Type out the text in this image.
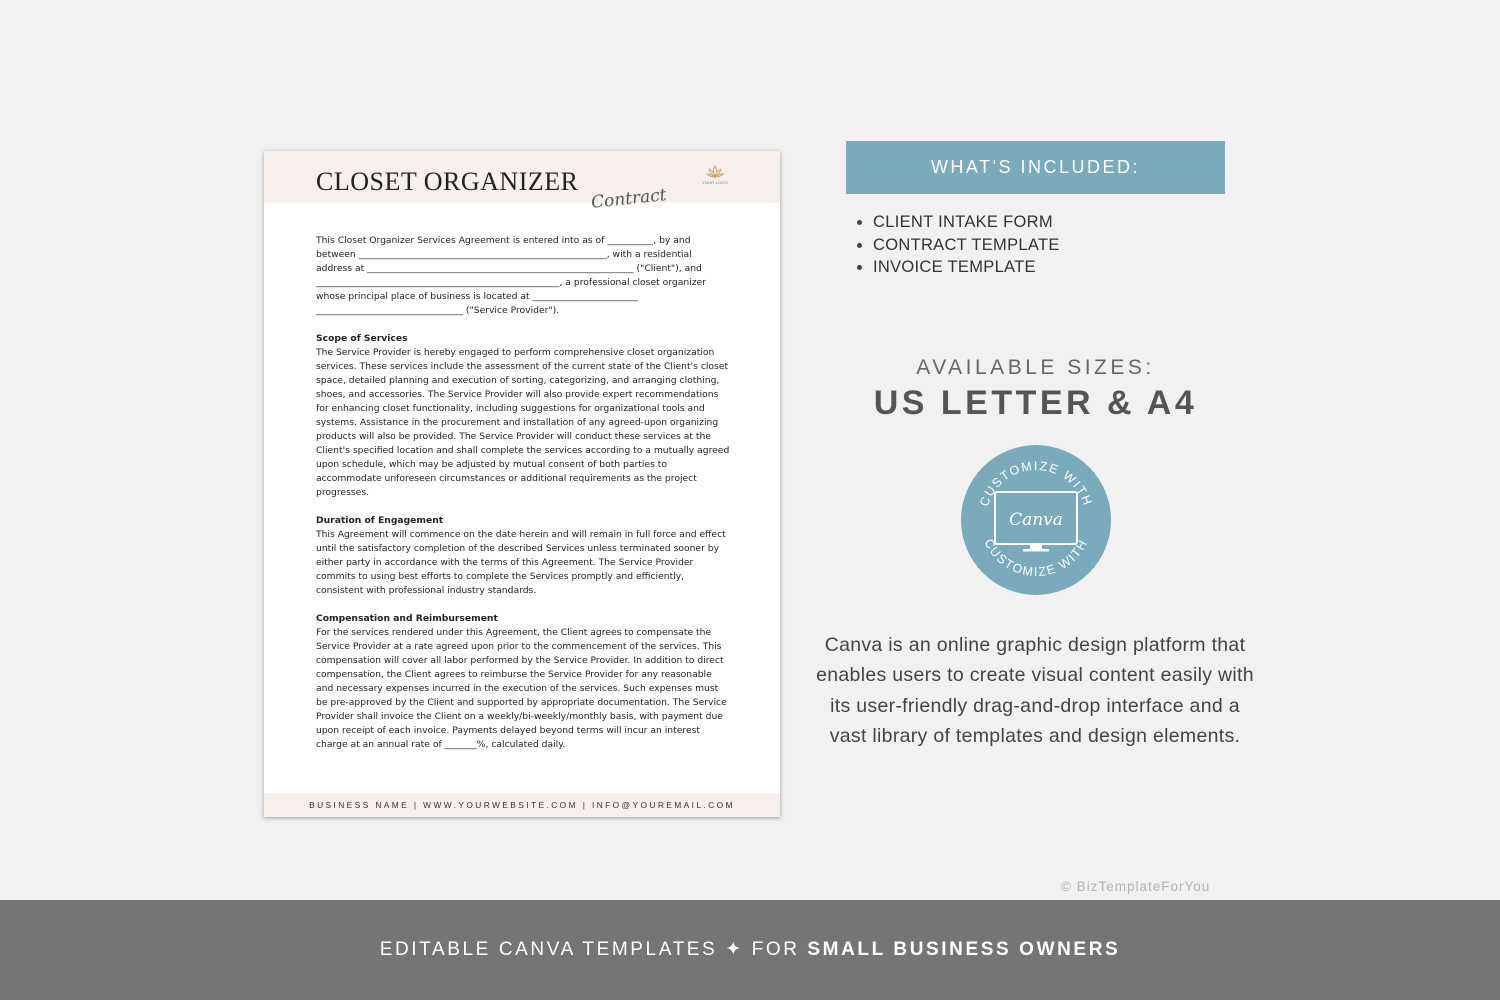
CLOSET ORGANIZER
Contract
YOUR LOGO

This Closet Organizer Services Agreement is entered into as of __________, by and between ______________________________________________________, with a residential address at __________________________________________________________ ("Client"), and _____________________________________________________, a professional closet organizer whose principal place of business is located at _______________________ ________________________________ ("Service Provider").

Scope of Services

The Service Provider is hereby engaged to perform comprehensive closet organization services. These services include the assessment of the current state of the Client's closet space, detailed planning and execution of sorting, categorizing, and arranging clothing, shoes, and accessories. The Service Provider will also provide expert recommendations for enhancing closet functionality, including suggestions for organizational tools and systems. Assistance in the procurement and installation of any agreed-upon organizing products will also be provided. The Service Provider will conduct these services at the Client's specified location and shall complete the services according to a mutually agreed upon schedule, which may be adjusted by mutual consent of both parties to accommodate unforeseen circumstances or additional requirements as the project progresses.

Duration of Engagement

This Agreement will commence on the date herein and will remain in full force and effect until the satisfactory completion of the described Services unless terminated sooner by either party in accordance with the terms of this Agreement. The Service Provider commits to using best efforts to complete the Services promptly and efficiently, consistent with professional industry standards.

Compensation and Reimbursement

For the services rendered under this Agreement, the Client agrees to compensate the Service Provider at a rate agreed upon prior to the commencement of the services. This compensation will cover all labor performed by the Service Provider. In addition to direct compensation, the Client agrees to reimburse the Service Provider for any reasonable and necessary expenses incurred in the execution of the services. Such expenses must be pre-approved by the Client and supported by appropriate documentation. The Service Provider shall invoice the Client on a weekly/bi-weekly/monthly basis, with payment due upon receipt of each invoice. Payments delayed beyond terms will incur an interest charge at an annual rate of _______%, calculated daily.

BUSINESS NAME | WWW.YOURWEBSITE.COM | INFO@YOUREMAIL.COM
WHAT'S INCLUDED:
CLIENT INTAKE FORM
CONTRACT TEMPLATE
INVOICE TEMPLATE
AVAILABLE SIZES:
US LETTER & A4
CUSTOMIZE WITH
CUSTOMIZE WITH
Canva
Canva is an online graphic design platform that enables users to create visual content easily with its user-friendly drag-and-drop interface and a vast library of templates and design elements.
© BizTemplateForYou
EDITABLE CANVA TEMPLATES ✦ FOR SMALL BUSINESS OWNERS
